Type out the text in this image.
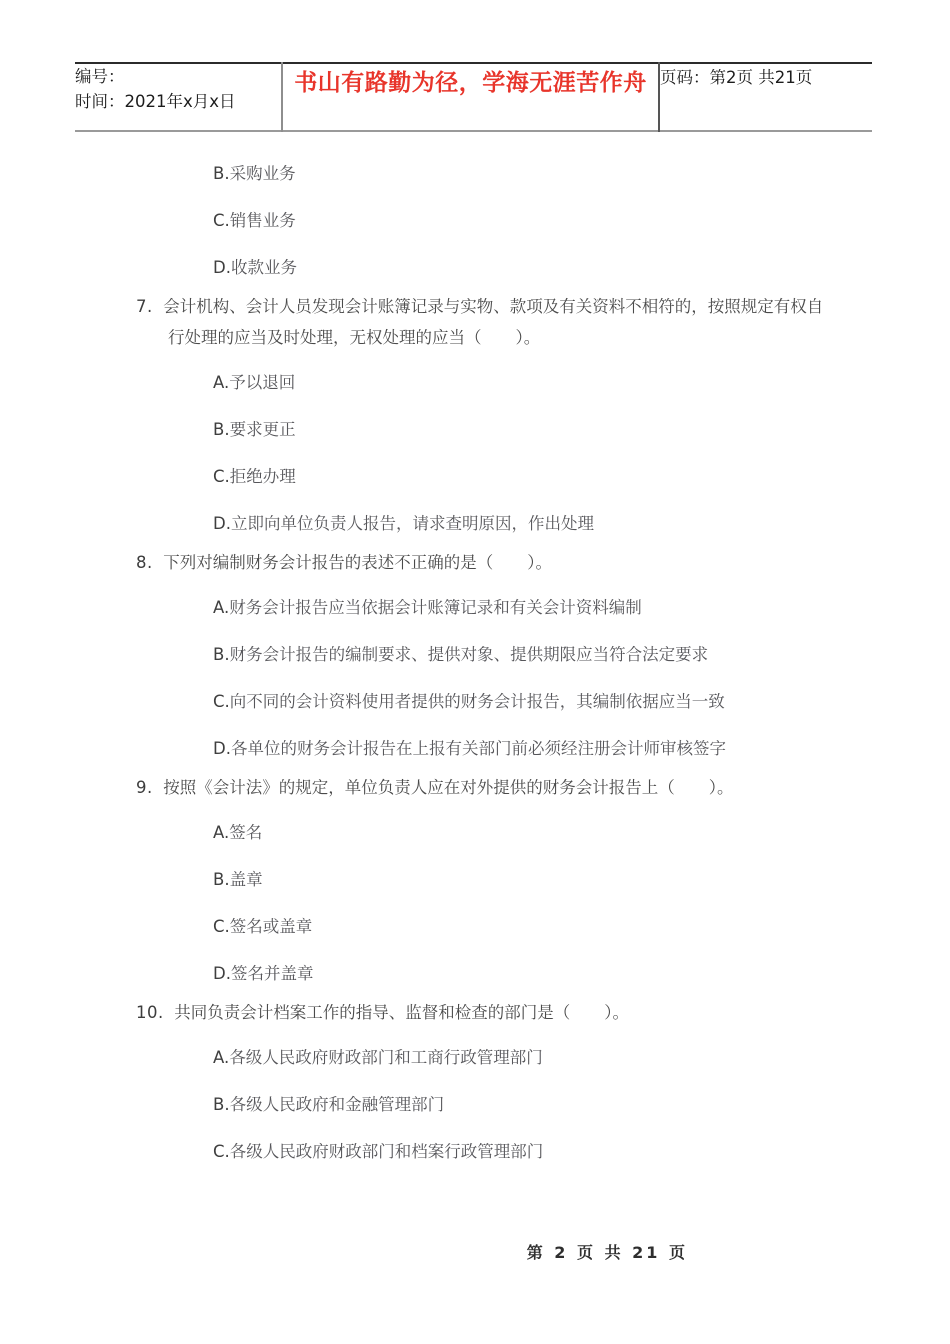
编号：
时间：2021年x月x日
	书山有路勤为径，学海无涯苦作舟	页码：第2页 共21页

B.采购业务

C.销售业务

D.收款业务

7. 会计机构、会计人员发现会计账簿记录与实物、款项及有关资料不相符的，按照规定有权自行处理的应当及时处理，无权处理的应当（ ）。

A.予以退回

B.要求更正

C.拒绝办理

D.立即向单位负责人报告，请求查明原因，作出处理

8. 下列对编制财务会计报告的表述不正确的是（ ）。

A.财务会计报告应当依据会计账簿记录和有关会计资料编制

B.财务会计报告的编制要求、提供对象、提供期限应当符合法定要求

C.向不同的会计资料使用者提供的财务会计报告，其编制依据应当一致

D.各单位的财务会计报告在上报有关部门前必须经注册会计师审核签字

9. 按照《会计法》的规定，单位负责人应在对外提供的财务会计报告上（ ）。

A.签名

B.盖章

C.签名或盖章

D.签名并盖章

10. 共同负责会计档案工作的指导、监督和检查的部门是（ ）。

A.各级人民政府财政部门和工商行政管理部门

B.各级人民政府和金融管理部门

C.各级人民政府财政部门和档案行政管理部门

第 2 页 共 21 页
